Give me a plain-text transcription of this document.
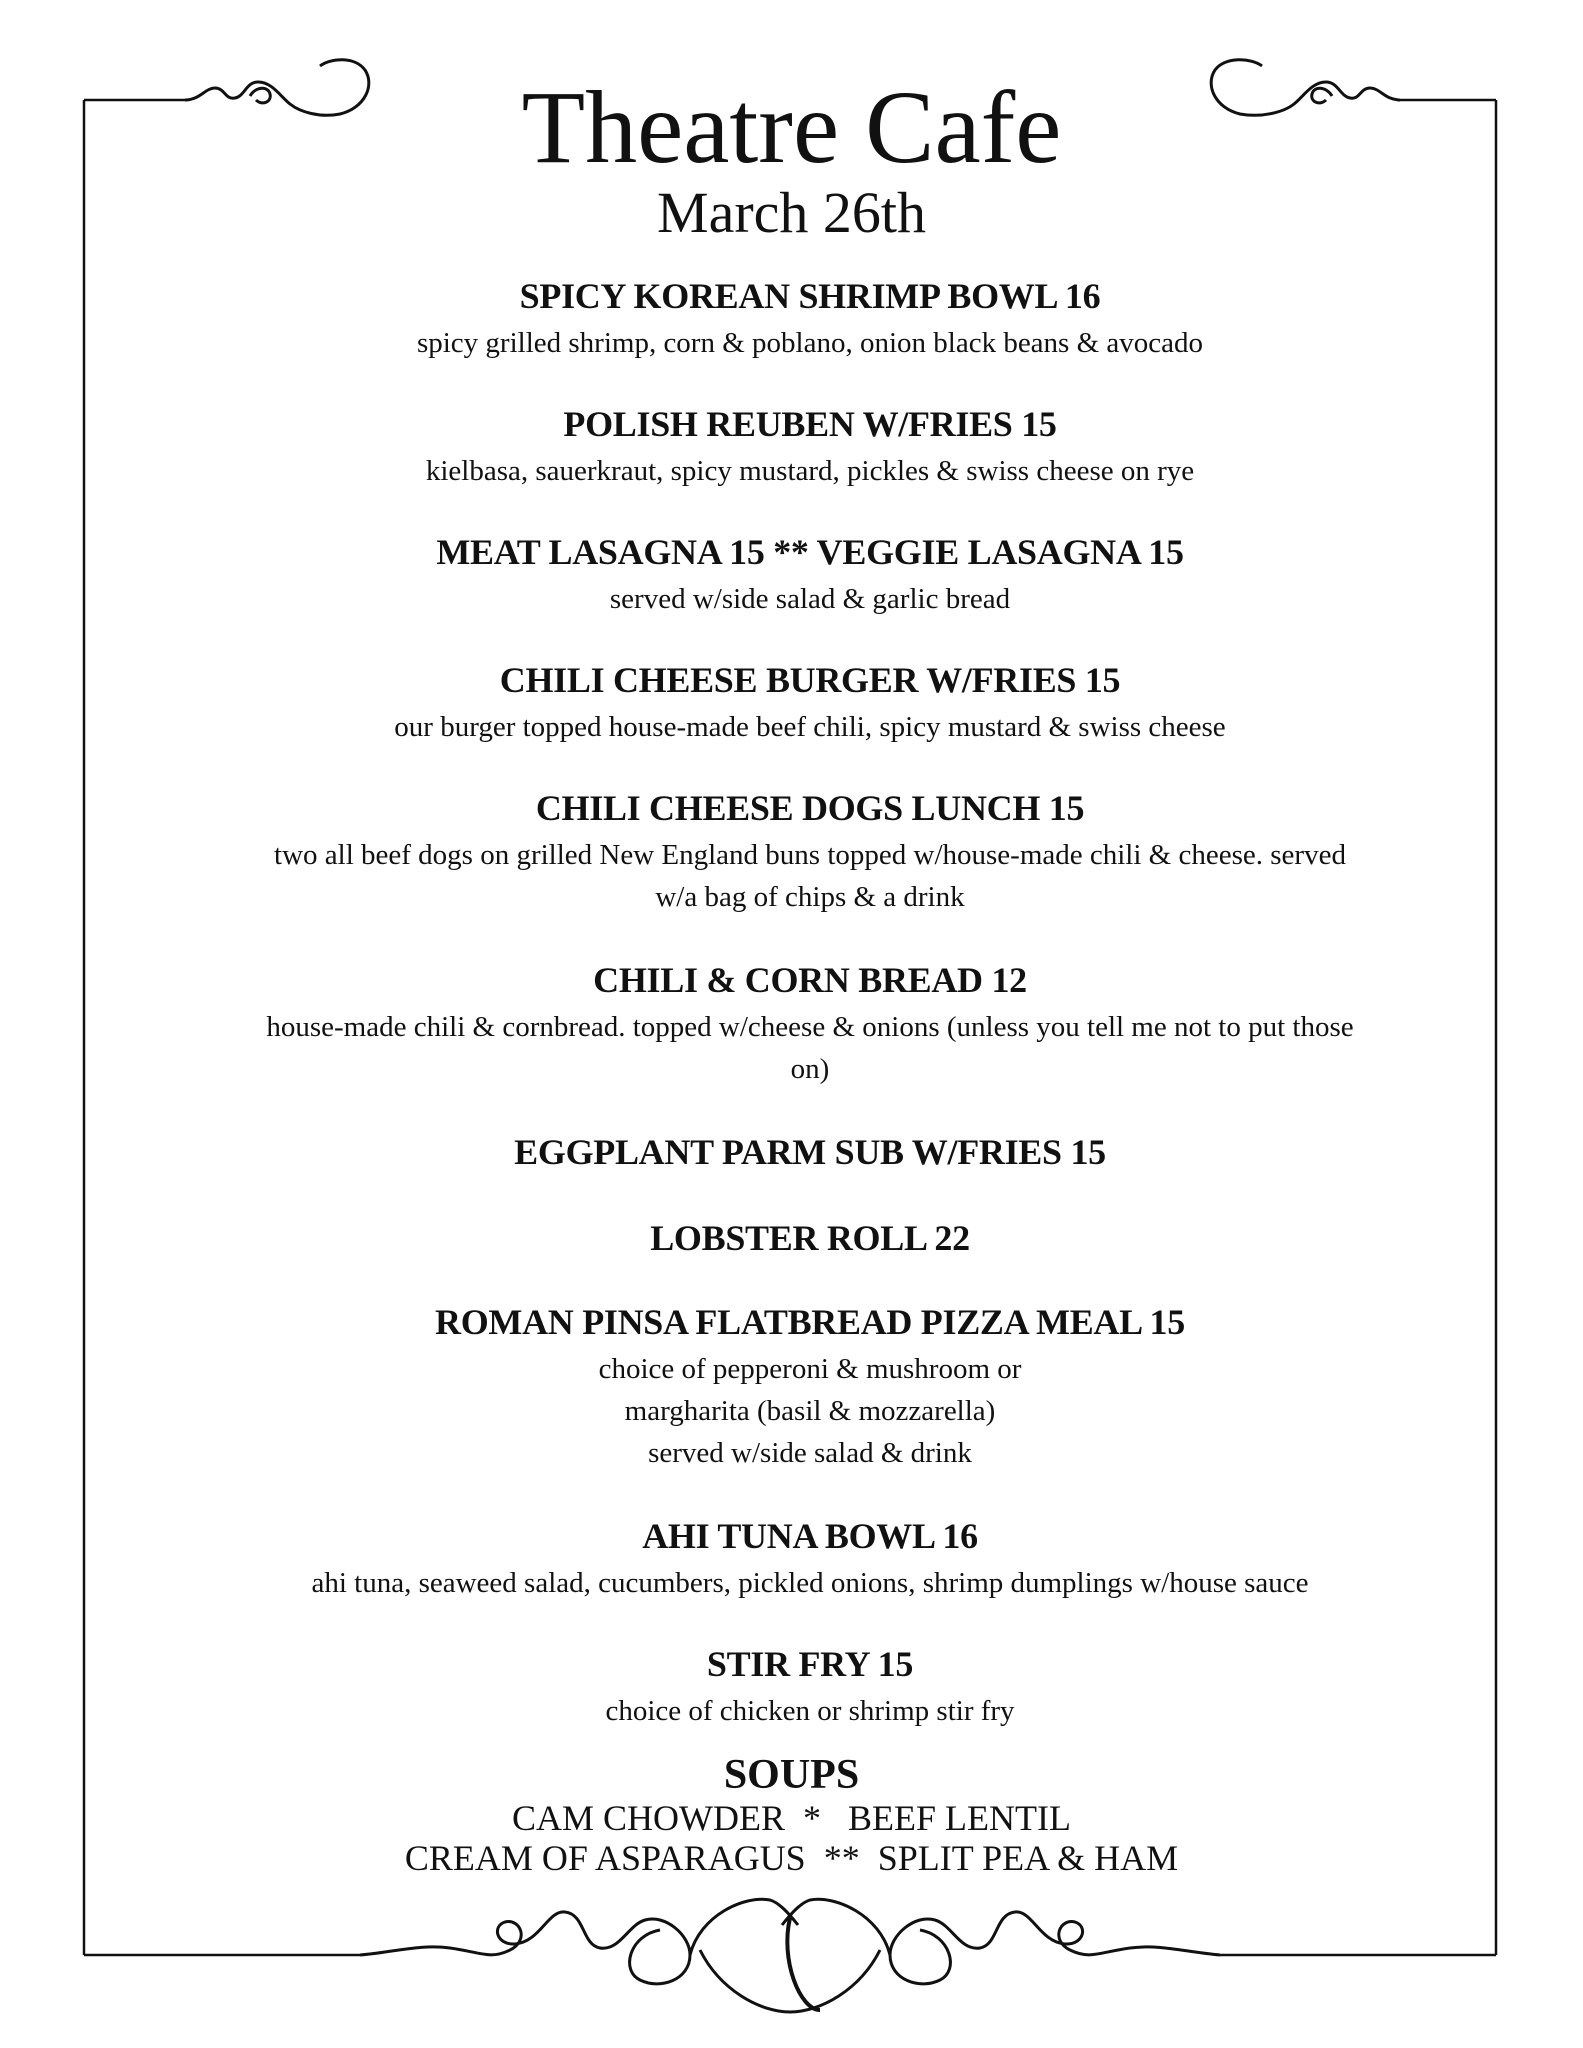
Theatre Cafe
March 26th

SPICY KOREAN SHRIMP BOWL 16

spicy grilled shrimp, corn & poblano, onion black beans & avocado

POLISH REUBEN W/FRIES 15

kielbasa, sauerkraut, spicy mustard, pickles & swiss cheese on rye

MEAT LASAGNA 15 ** VEGGIE LASAGNA 15

served w/side salad & garlic bread

CHILI CHEESE BURGER W/FRIES 15

our burger topped house-made beef chili, spicy mustard & swiss cheese

CHILI CHEESE DOGS LUNCH 15

two all beef dogs on grilled New England buns topped w/house-made chili & cheese. served

w/a bag of chips & a drink

CHILI & CORN BREAD 12

house-made chili & cornbread. topped w/cheese & onions (unless you tell me not to put those

on)

EGGPLANT PARM SUB W/FRIES 15

LOBSTER ROLL 22

ROMAN PINSA FLATBREAD PIZZA MEAL 15

choice of pepperoni & mushroom or

margharita (basil & mozzarella)

served w/side salad & drink

AHI TUNA BOWL 16

ahi tuna, seaweed salad, cucumbers, pickled onions, shrimp dumplings w/house sauce

STIR FRY 15

choice of chicken or shrimp stir fry

SOUPS

CAM CHOWDER  *   BEEF LENTIL

CREAM OF ASPARAGUS  **  SPLIT PEA & HAM
